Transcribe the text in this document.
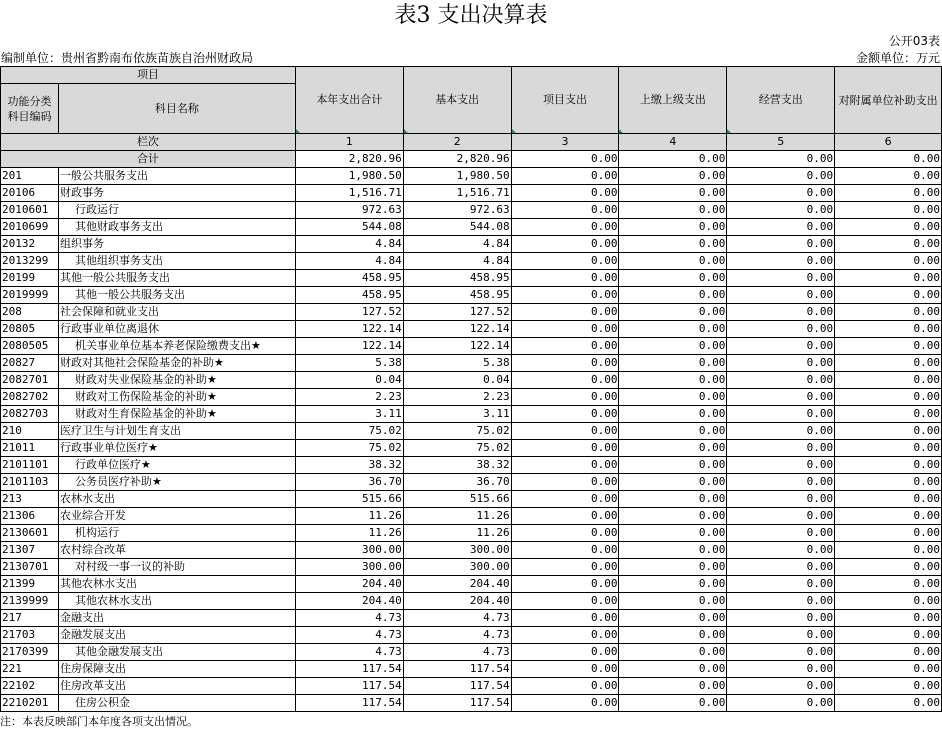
表3 支出决算表
公开03表
编制单位：贵州省黔南布依族苗族自治州财政局	金额单位：万元
项目		本年支出合计	基本支出	项目支出	上缴上级支出	经营支出	对附属单位补助支出
功能分类科目编码	科目名称						

栏次		1	2	3	4	5	6
合计		2,820.96	2,820.96	0.00	0.00	0.00	0.00
201	一般公共服务支出	1,980.50	1,980.50	0.00	0.00	0.00	0.00
20106	财政事务	1,516.71	1,516.71	0.00	0.00	0.00	0.00
2010601	行政运行	972.63	972.63	0.00	0.00	0.00	0.00
2010699	其他财政事务支出	544.08	544.08	0.00	0.00	0.00	0.00
20132	组织事务	4.84	4.84	0.00	0.00	0.00	0.00
2013299	其他组织事务支出	4.84	4.84	0.00	0.00	0.00	0.00
20199	其他一般公共服务支出	458.95	458.95	0.00	0.00	0.00	0.00
2019999	其他一般公共服务支出	458.95	458.95	0.00	0.00	0.00	0.00
208	社会保障和就业支出	127.52	127.52	0.00	0.00	0.00	0.00
20805	行政事业单位离退休	122.14	122.14	0.00	0.00	0.00	0.00
2080505	机关事业单位基本养老保险缴费支出★	122.14	122.14	0.00	0.00	0.00	0.00
20827	财政对其他社会保险基金的补助★	5.38	5.38	0.00	0.00	0.00	0.00
2082701	财政对失业保险基金的补助★	0.04	0.04	0.00	0.00	0.00	0.00
2082702	财政对工伤保险基金的补助★	2.23	2.23	0.00	0.00	0.00	0.00
2082703	财政对生育保险基金的补助★	3.11	3.11	0.00	0.00	0.00	0.00
210	医疗卫生与计划生育支出	75.02	75.02	0.00	0.00	0.00	0.00
21011	行政事业单位医疗★	75.02	75.02	0.00	0.00	0.00	0.00
2101101	行政单位医疗★	38.32	38.32	0.00	0.00	0.00	0.00
2101103	公务员医疗补助★	36.70	36.70	0.00	0.00	0.00	0.00
213	农林水支出	515.66	515.66	0.00	0.00	0.00	0.00
21306	农业综合开发	11.26	11.26	0.00	0.00	0.00	0.00
2130601	机构运行	11.26	11.26	0.00	0.00	0.00	0.00
21307	农村综合改革	300.00	300.00	0.00	0.00	0.00	0.00
2130701	对村级一事一议的补助	300.00	300.00	0.00	0.00	0.00	0.00
21399	其他农林水支出	204.40	204.40	0.00	0.00	0.00	0.00
2139999	其他农林水支出	204.40	204.40	0.00	0.00	0.00	0.00
217	金融支出	4.73	4.73	0.00	0.00	0.00	0.00
21703	金融发展支出	4.73	4.73	0.00	0.00	0.00	0.00
2170399	其他金融发展支出	4.73	4.73	0.00	0.00	0.00	0.00
221	住房保障支出	117.54	117.54	0.00	0.00	0.00	0.00
22102	住房改革支出	117.54	117.54	0.00	0.00	0.00	0.00
2210201	住房公积金	117.54	117.54	0.00	0.00	0.00	0.00
注：本表反映部门本年度各项支出情况。
